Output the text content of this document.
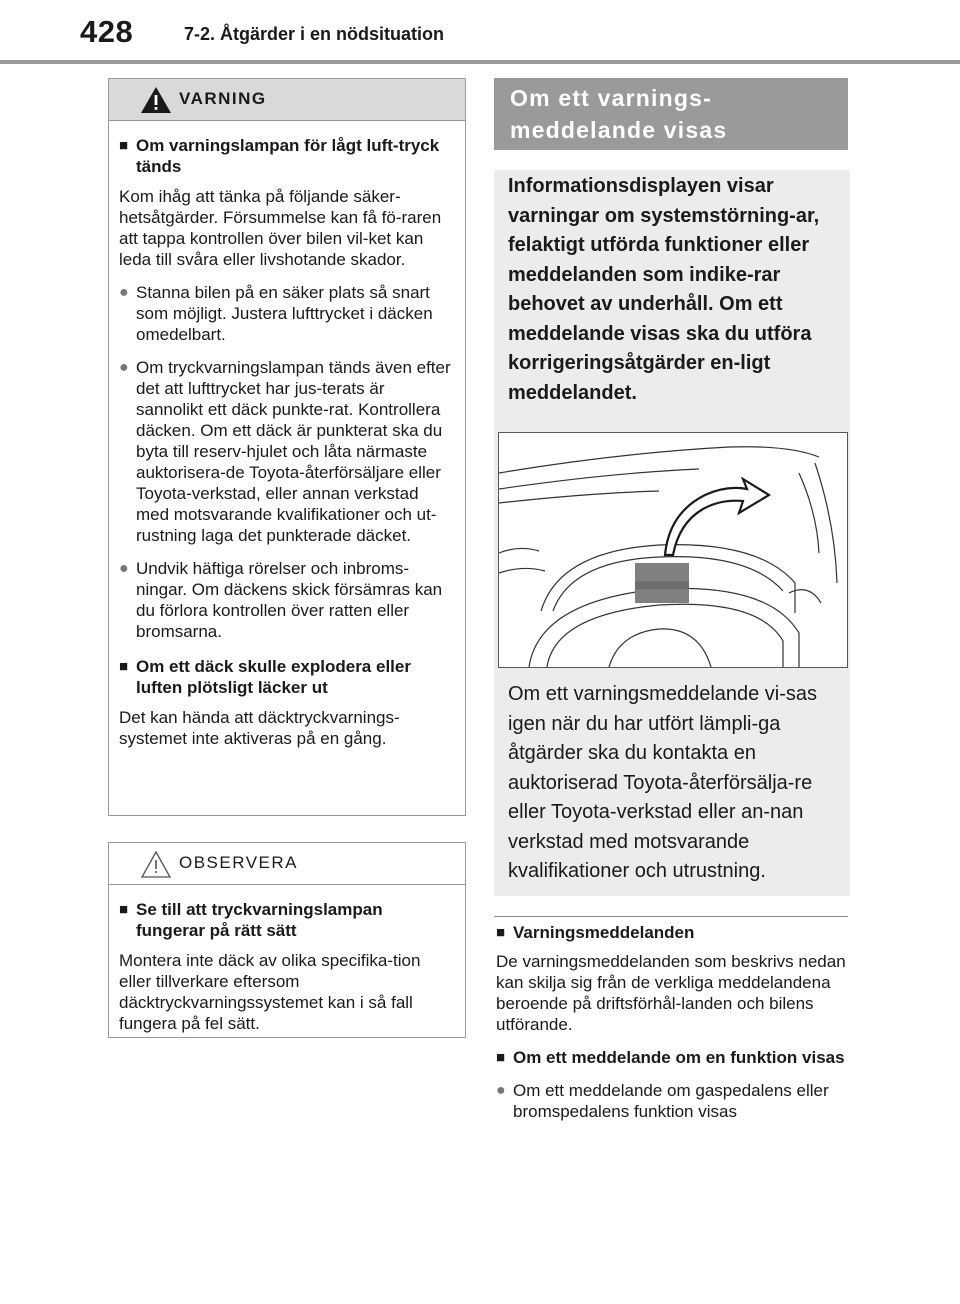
428	7-2. Åtgärder i en nödsituation
VARNING
■ Om varningslampan för lågt luft-tryck tänds
Kom ihåg att tänka på följande säker-hetsåtgärder. Försummelse kan få fö-raren att tappa kontrollen över bilen vil-ket kan leda till svåra eller livshotande skador.
● Stanna bilen på en säker plats så snart som möjligt. Justera lufttrycket i däcken omedelbart.
● Om tryckvarningslampan tänds även efter det att lufttrycket har jus-terats är sannolikt ett däck punkte-rat. Kontrollera däcken. Om ett däck är punkterat ska du byta till reserv-hjulet och låta närmaste auktorisera-de Toyota-återförsäljare eller Toyota-verkstad, eller annan verkstad med motsvarande kvalifikationer och ut-rustning laga det punkterade däcket.
● Undvik häftiga rörelser och inbroms-ningar. Om däckens skick försämras kan du förlora kontrollen över ratten eller bromsarna.
■ Om ett däck skulle explodera eller luften plötsligt läcker ut
Det kan hända att däcktryckvarnings-systemet inte aktiveras på en gång.
OBSERVERA
■ Se till att tryckvarningslampan fungerar på rätt sätt
Montera inte däck av olika specifika-tion eller tillverkare eftersom däcktryckvarningssystemet kan i så fall fungera på fel sätt.
Om ett varnings-meddelande visas
Informationsdisplayen visar varningar om systemstörning-ar, felaktigt utförda funktioner eller meddelanden som indike-rar behovet av underhåll. Om ett meddelande visas ska du utföra korrigeringsåtgärder en-ligt meddelandet.
Om ett varningsmeddelande vi-sas igen när du har utfört lämpli-ga åtgärder ska du kontakta en auktoriserad Toyota-återförsälja-re eller Toyota-verkstad eller an-nan verkstad med motsvarande kvalifikationer och utrustning.
■ Varningsmeddelanden
De varningsmeddelanden som beskrivs nedan kan skilja sig från de verkliga meddelandena beroende på driftsförhål-landen och bilens utförande.
■ Om ett meddelande om en funktion visas
● Om ett meddelande om gaspedalens eller bromspedalens funktion visas
